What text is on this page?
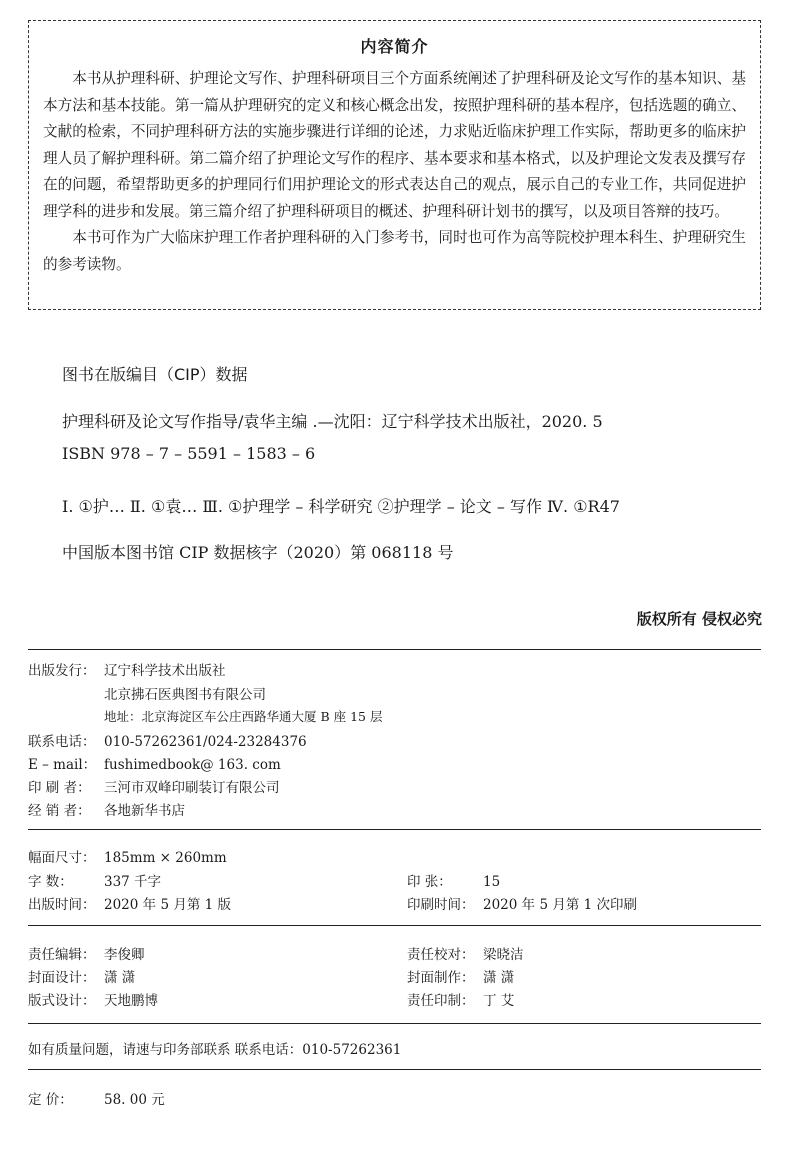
内容简介

本书从护理科研、护理论文写作、护理科研项目三个方面系统阐述了护理科研及论文写作的基本知识、基本方法和基本技能。第一篇从护理研究的定义和核心概念出发，按照护理科研的基本程序，包括选题的确立、文献的检索，不同护理科研方法的实施步骤进行详细的论述，力求贴近临床护理工作实际，帮助更多的临床护理人员了解护理科研。第二篇介绍了护理论文写作的程序、基本要求和基本格式，以及护理论文发表及撰写存在的问题，希望帮助更多的护理同行们用护理论文的形式表达自己的观点，展示自己的专业工作，共同促进护理学科的进步和发展。第三篇介绍了护理科研项目的概述、护理科研计划书的撰写，以及项目答辩的技巧。

本书可作为广大临床护理工作者护理科研的入门参考书，同时也可作为高等院校护理本科生、护理研究生的参考读物。

图书在版编目（CIP）数据
护理科研及论文写作指导/袁华主编 .—沈阳：辽宁科学技术出版社，2020. 5
ISBN 978 – 7 – 5591 – 1583 – 6
Ⅰ. ①护… Ⅱ. ①袁… Ⅲ. ①护理学 – 科学研究 ②护理学 – 论文 – 写作 Ⅳ. ①R47
中国版本图书馆 CIP 数据核字（2020）第 068118 号
版权所有 侵权必究
出版发行： 辽宁科学技术出版社
北京拂石医典图书有限公司
地址：北京海淀区车公庄西路华通大厦 B 座 15 层
联系电话： 010-57262361/024-23284376
E – mail： fushimedbook@ 163. com
印 刷 者： 三河市双峰印刷装订有限公司
经 销 者： 各地新华书店
幅面尺寸： 185mm × 260mm
字 数： 337 千字	印 张： 15
出版时间： 2020 年 5 月第 1 版	印刷时间： 2020 年 5 月第 1 次印刷
责任编辑： 李俊卿	责任校对： 梁晓洁
封面设计： 潇 潇	封面制作： 潇 潇
版式设计： 天地鹏博	责任印制： 丁 艾
如有质量问题，请速与印务部联系 联系电话：010-57262361
定 价： 58. 00 元
